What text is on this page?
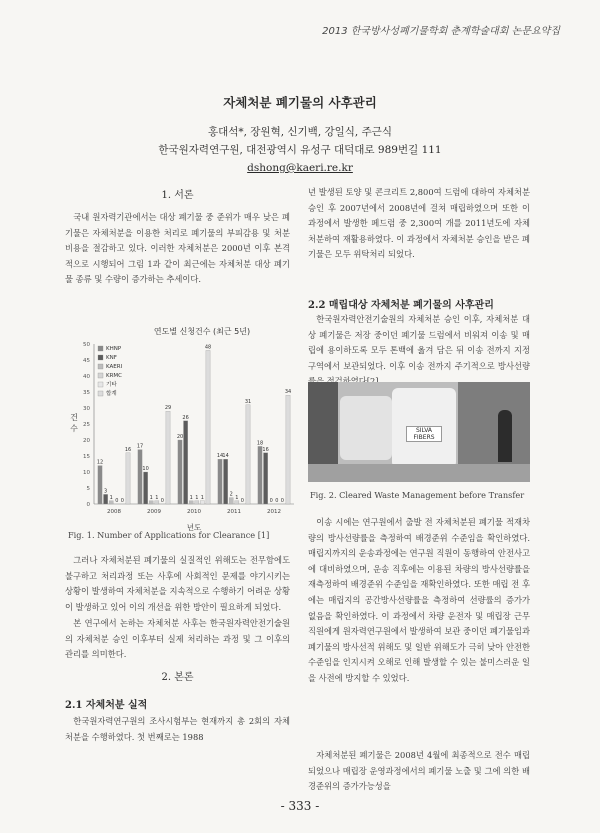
2013 한국방사성폐기물학회 춘계학술대회 논문요약집
자체처분 폐기물의 사후관리
홍대석*, 장원혁, 신기백, 강일식, 주근식
한국원자력연구원, 대전광역시 유성구 대덕대로 989번길 111
dshong@kaeri.re.kr
1. 서론

국내 원자력기관에서는 대상 폐기물 중 준위가 매우 낮은 폐기물은 자체처분을 이용한 처리로 폐기물의 부피감용 및 처분비용을 절감하고 있다. 이러한 자체처분은 2000년 이후 본격적으로 시행되어 그림 1과 같이 최근에는 자체처분 대상 폐기물 종류 및 수량이 증가하는 추세이다.

연도별 신청건수 (최근 5년)
건
수
0
5
10
15
20
25
30
35
40
45
50
12
3
1
0 0
16
2008
17
10
1 1
0
29
2009
20
26
1 1 1
48
2010
14 14
2
1
0
31
2011
18
16
0 0 0
34
2012
KHNP
KNF
KAERI
KRMC
기타
합계
년도
Fig. 1. Number of Applications for Clearance [1]

그러나 자체처분된 폐기물의 실질적인 위해도는 전무함에도 불구하고 처리과정 또는 사후에 사회적인 문제를 야기시키는 상황이 발생하여 자체처분을 지속적으로 수행하기 어려운 상황이 발생하고 있어 이의 개선을 위한 방안이 필요하게 되었다.

본 연구에서 논하는 자체처분 사후는 한국원자력안전기술원의 자체처분 승인 이후부터 실제 처리하는 과정 및 그 이후의 관리를 의미한다.

2. 본론
2.1 자체처분 실적

한국원자력연구원의 조사시험부는 현재까지 총 2회의 자체처분을 수행하였다. 첫 번째로는 1988

년 발생된 토양 및 콘크리트 2,800여 드럼에 대하여 자체처분 승인 후 2007년에서 2008년에 걸쳐 매립하였으며 또한 이 과정에서 발생한 페드럼 중 2,300여 개를 2011년도에 자체처분하여 재활용하였다. 이 과정에서 자체처분 승인을 받은 폐기물은 모두 위탁처리 되었다.

2.2 매립대상 자체처분 폐기물의 사후관리

한국원자력안전기술원의 자체처분 승인 이후, 자체처분 대상 폐기물은 저장 중이던 폐기물 드럼에서 비워져 이송 및 매립에 용이하도록 모두 톤백에 옮겨 담은 뒤 이송 전까지 지정 구역에서 보관되었다. 이후 이송 전까지 주기적으로 방사선량

SILVA FIBERS
Fig. 2. Cleared Waste Management before Transfer

이송 시에는 연구원에서 출발 전 자체처분된 폐기물 적재차량의 방사선량률을 측정하여 배경준위 수준임을 확인하였다. 매립지까지의 운송과정에는 연구원 직원이 동행하여 안전사고에 대비하였으며, 운송 직후에는 이용된 차량의 방사선량률을 재측정하여 배경준위 수준임을 재확인하였다. 또한 매립 전 후에는 매립지의 공간방사선량률을 측정하여 선량률의 증가가 없음을 확인하였다. 이 과정에서 차량 운전자 및 매립장 근무 직원에게 원자력연구원에서 발생하여 보관 중이던 폐기물임과 폐기물의 방사선적 위해도 및 일반 위해도가 극히 낮아 안전한 수준임을 인지시켜 오해로 인해 발생할 수 있는 불미스러운 일을 사전에 방지할 수 있었다.

자체처분된 폐기물은 2008년 4월에 최종적으로 전수 매립되었으나 매립장 운영과정에서의 폐기물 노출 및 그에 의한 배경준위의 증가가능성을

- 333 -
